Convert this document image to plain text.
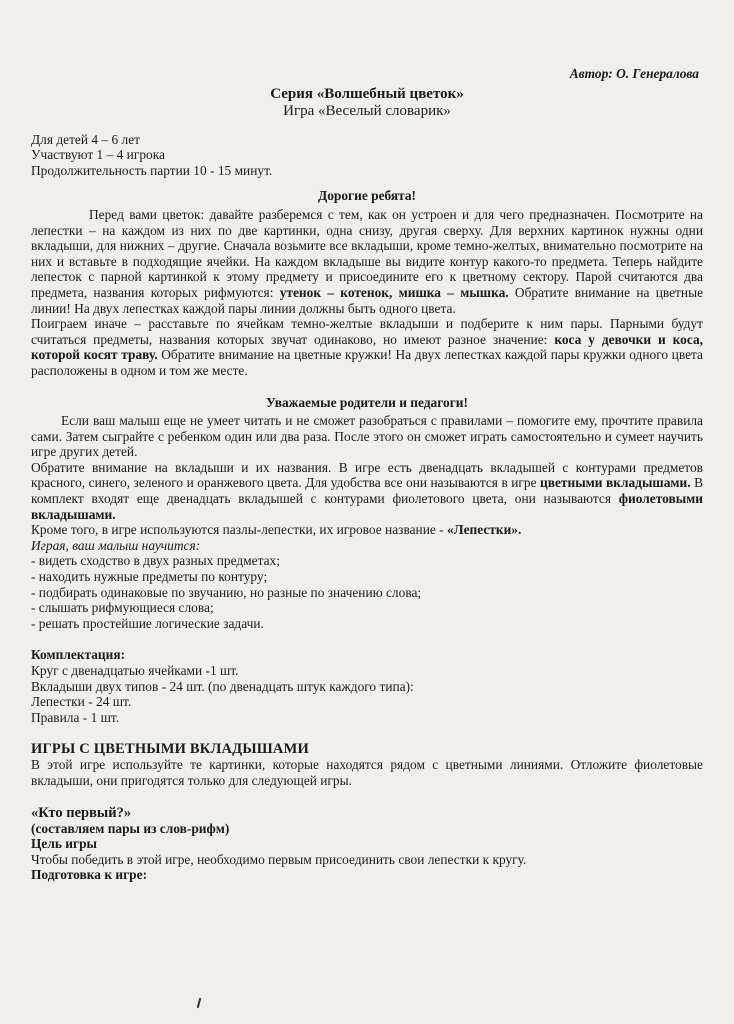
Автор: О. Генералова
Серия «Волшебный цветок»
Игра «Веселый словарик»

Для детей 4 – 6 лет

Участвуют 1 – 4 игрока

Продолжительность партии 10 - 15 минут.

Дорогие ребята!

Перед вами цветок: давайте разберемся с тем, как он устроен и для чего предназначен. Посмотрите на лепестки – на каждом из них по две картинки, одна снизу, другая сверху. Для верхних картинок нужны одни вкладыши, для нижних – другие. Сначала возьмите все вкладыши, кроме темно-желтых, внимательно посмотрите на них и вставьте в подходящие ячейки. На каждом вкладыше вы видите контур какого-то предмета. Теперь найдите лепесток с парной картинкой к этому предмету и присоедините его к цветному сектору. Парой считаются два предмета, названия которых рифмуются: утенок – котенок, мишка – мышка. Обратите внимание на цветные линии! На двух лепестках каждой пары линии должны быть одного цвета.

Поиграем иначе – расставьте по ячейкам темно-желтые вкладыши и подберите к ним пары. Парными будут считаться предметы, названия которых звучат одинаково, но имеют разное значение: коса у девочки и коса, которой косят траву. Обратите внимание на цветные кружки! На двух лепестках каждой пары кружки одного цвета расположены в одном и том же месте.

Уважаемые родители и педагоги!

Если ваш малыш еще не умеет читать и не сможет разобраться с правилами – помогите ему, прочтите правила сами. Затем сыграйте с ребенком один или два раза. После этого он сможет играть самостоятельно и сумеет научить игре других детей.

Обратите внимание на вкладыши и их названия. В игре есть двенадцать вкладышей с контурами предметов красного, синего, зеленого и оранжевого цвета. Для удобства все они называются в игре цветными вкладышами. В комплект входят еще двенадцать вкладышей с контурами фиолетового цвета, они называются фиолетовыми вкладышами.

Кроме того, в игре используются пазлы-лепестки, их игровое название - «Лепестки».

Играя, ваш малыш научится:

- видеть сходство в двух разных предметах;

- находить нужные предметы по контуру;

- подбирать одинаковые по звучанию, но разные по значению слова;

- слышать рифмующиеся слова;

- решать простейшие логические задачи.

Комплектация:

Круг с двенадцатью ячейками -1 шт.

Вкладыши двух типов - 24 шт. (по двенадцать штук каждого типа):

Лепестки - 24 шт.

Правила - 1 шт.

ИГРЫ С ЦВЕТНЫМИ ВКЛАДЫШАМИ

В этой игре используйте те картинки, которые находятся рядом с цветными линиями. Отложите фиолетовые вкладыши, они пригодятся только для следующей игры.

«Кто первый?»
(составляем пары из слов-рифм)
Цель игры

Чтобы победить в этой игре, необходимо первым присоединить свои лепестки к кругу.

Подготовка к игре:
